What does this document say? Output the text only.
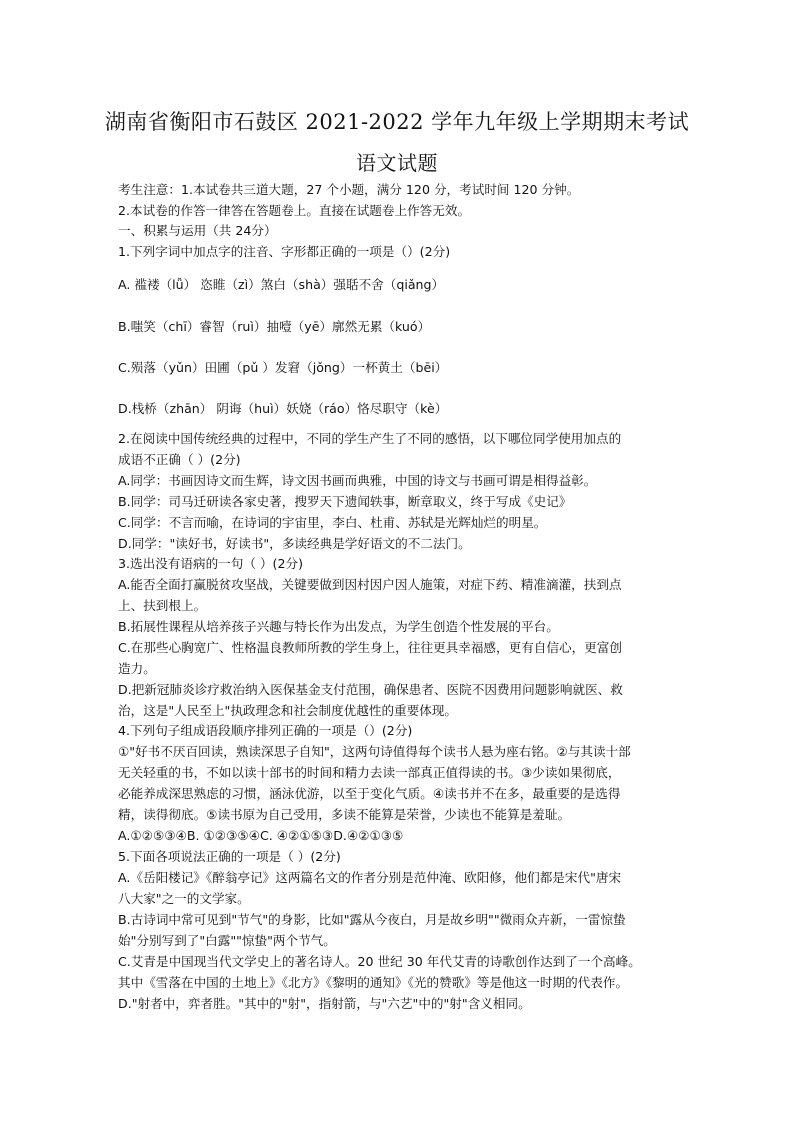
湖南省衡阳市石鼓区 2021-2022 学年九年级上学期期末考试
语文试题
考生注意：1.本试卷共三道大题，27 个小题，满分 120 分，考试时间 120 分钟。
2.本试卷的作答一律答在答题卷上。直接在试题卷上作答无效。
一、积累与运用（共 24分）
1.下列字词中加点字的注音、字形都正确的一项是（）(2分)
A. 褴褛（lǚ） 恣睢（zì）煞白（shà）强聒不舍（qiǎng）
B.嗤笑（chī）睿智（ruì）抽噎（yē）廓然无累（kuó）
C.殒落（yǔn）田圃（pǔ ）发窘（jǒng）一杯黄土（bēi）
D.栈桥（zhān） 阴诲（huì）妖娆（ráo）恪尽职守（kè）
2.在阅读中国传统经典的过程中，不同的学生产生了不同的感悟，以下哪位同学使用加点的
成语不正确（ ）(2分)
A.同学：书画因诗文而生辉，诗文因书画而典雅，中国的诗文与书画可谓是相得益彰。
B.同学：司马迁研读各家史著，搜罗天下遗闻轶事，断章取义，终于写成《史记》
C.同学：不言而喻，在诗词的宇宙里，李白、杜甫、苏轼是光辉灿烂的明星。
D.同学："读好书，好读书"，多读经典是学好语文的不二法门。
3.选出没有语病的一句（ ）(2分)
A.能否全面打赢脱贫攻坚战，关键要做到因村因户因人施策，对症下药、精准滴灌，扶到点
上、扶到根上。
B.拓展性课程从培养孩子兴趣与特长作为出发点，为学生创造个性发展的平台。
C.在那些心胸宽广、性格温良教师所教的学生身上，往往更具幸福感，更有自信心，更富创
造力。
D.把新冠肺炎诊疗救治纳入医保基金支付范围，确保患者、医院不因费用问题影响就医、救
治，这是"人民至上"执政理念和社会制度优越性的重要体现。
4.下列句子组成语段顺序排列正确的一项是（）(2分)
①"好书不厌百回读，熟读深思子自知"，这两句诗值得每个读书人悬为座右铭。②与其读十部
无关轻重的书，不如以读十部书的时间和精力去读一部真正值得读的书。③少读如果彻底，
必能养成深思熟虑的习惯，涵泳优游，以至于变化气质。④读书并不在多，最重要的是选得
精，读得彻底。⑤读书原为自己受用，多读不能算是荣誉，少读也不能算是羞耻。
A.①②⑤③④B. ①②③⑤④C. ④②①⑤③D.④②①③⑤
5.下面各项说法正确的一项是（ ）(2分)
A.《岳阳楼记》《醉翁亭记》这两篇名文的作者分别是范仲淹、欧阳修，他们都是宋代"唐宋
八大家"之一的文学家。
B.古诗词中常可见到"节气"的身影，比如"露从今夜白，月是故乡明""微雨众卉新，一雷惊蛰
始"分别写到了"白露""惊蛰"两个节气。
C.艾青是中国现当代文学史上的著名诗人。20 世纪 30 年代艾青的诗歌创作达到了一个高峰。
其中《雪落在中国的土地上》《北方》《黎明的通知》《光的赞歌》等是他这一时期的代表作。
D."射者中，弈者胜。"其中的"射"，指射箭，与"六艺"中的"射"含义相同。
